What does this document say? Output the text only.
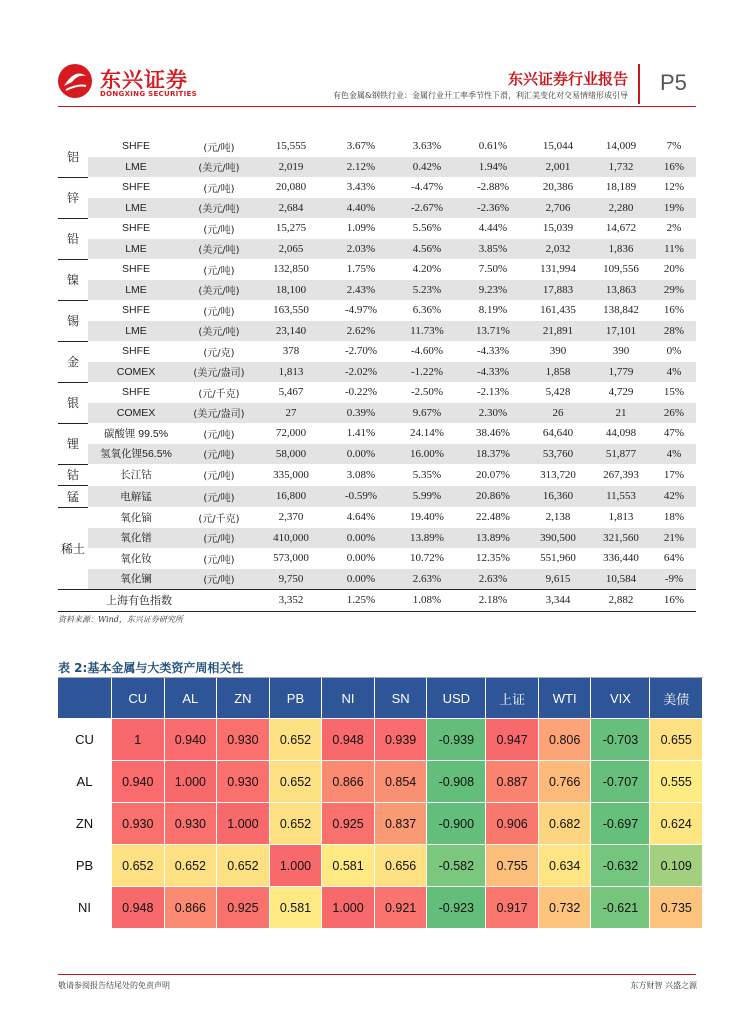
东兴证券
DONGXING SECURITIES
东兴证券行业报告
有色金属&钢铁行业：金属行业开工率季节性下滑，利汇美变化对交易情绪形成引导
P5
铝	SHFE	(元/吨)	15,555	3.67%	3.63%	0.61%	15,044	14,009	7%
	LME	(美元/吨)	2,019	2.12%	0.42%	1.94%	2,001	1,732	16%
锌	SHFE	(元/吨)	20,080	3.43%	-4.47%	-2.88%	20,386	18,189	12%
	LME	(美元/吨)	2,684	4.40%	-2.67%	-2.36%	2,706	2,280	19%
铅	SHFE	(元/吨)	15,275	1.09%	5.56%	4.44%	15,039	14,672	2%
	LME	(美元/吨)	2,065	2.03%	4.56%	3.85%	2,032	1,836	11%
镍	SHFE	(元/吨)	132,850	1.75%	4.20%	7.50%	131,994	109,556	20%
	LME	(美元/吨)	18,100	2.43%	5.23%	9.23%	17,883	13,863	29%
锡	SHFE	(元/吨)	163,550	-4.97%	6.36%	8.19%	161,435	138,842	16%
	LME	(美元/吨)	23,140	2.62%	11.73%	13.71%	21,891	17,101	28%
金	SHFE	(元/克)	378	-2.70%	-4.60%	-4.33%	390	390	0%
	COMEX	(美元/盎司)	1,813	-2.02%	-1.22%	-4.33%	1,858	1,779	4%
银	SHFE	(元/千克)	5,467	-0.22%	-2.50%	-2.13%	5,428	4,729	15%
	COMEX	(美元/盎司)	27	0.39%	9.67%	2.30%	26	21	26%
锂	碳酸锂 99.5%	(元/吨)	72,000	1.41%	24.14%	38.46%	64,640	44,098	47%
	氢氧化锂56.5%	(元/吨)	58,000	0.00%	16.00%	18.37%	53,760	51,877	4%
钴	长江钴	(元/吨)	335,000	3.08%	5.35%	20.07%	313,720	267,393	17%
锰	电解锰	(元/吨)	16,800	-0.59%	5.99%	20.86%	16,360	11,553	42%
稀土	氧化镝	(元/千克)	2,370	4.64%	19.40%	22.48%	2,138	1,813	18%
	氧化镨	(元/吨)	410,000	0.00%	13.89%	13.89%	390,500	321,560	21%
	氧化钕	(元/吨)	573,000	0.00%	10.72%	12.35%	551,960	336,440	64%
	氧化镧	(元/吨)	9,750	0.00%	2.63%	2.63%	9,615	10,584	-9%
上海有色指数			3,352	1.25%	1.08%	2.18%	3,344	2,882	16%
资料来源：Wind，东兴证券研究所
表 2:基本金属与大类资产周相关性
	CU	AL	ZN	PB	NI	SN	USD	上证	WTI	VIX	美债
CU	1	0.940	0.930	0.652	0.948	0.939	-0.939	0.947	0.806	-0.703	0.655
AL	0.940	1.000	0.930	0.652	0.866	0.854	-0.908	0.887	0.766	-0.707	0.555
ZN	0.930	0.930	1.000	0.652	0.925	0.837	-0.900	0.906	0.682	-0.697	0.624
PB	0.652	0.652	0.652	1.000	0.581	0.656	-0.582	0.755	0.634	-0.632	0.109
NI	0.948	0.866	0.925	0.581	1.000	0.921	-0.923	0.917	0.732	-0.621	0.735
敬请参阅报告结尾处的免责声明	东方财智 兴盛之源
